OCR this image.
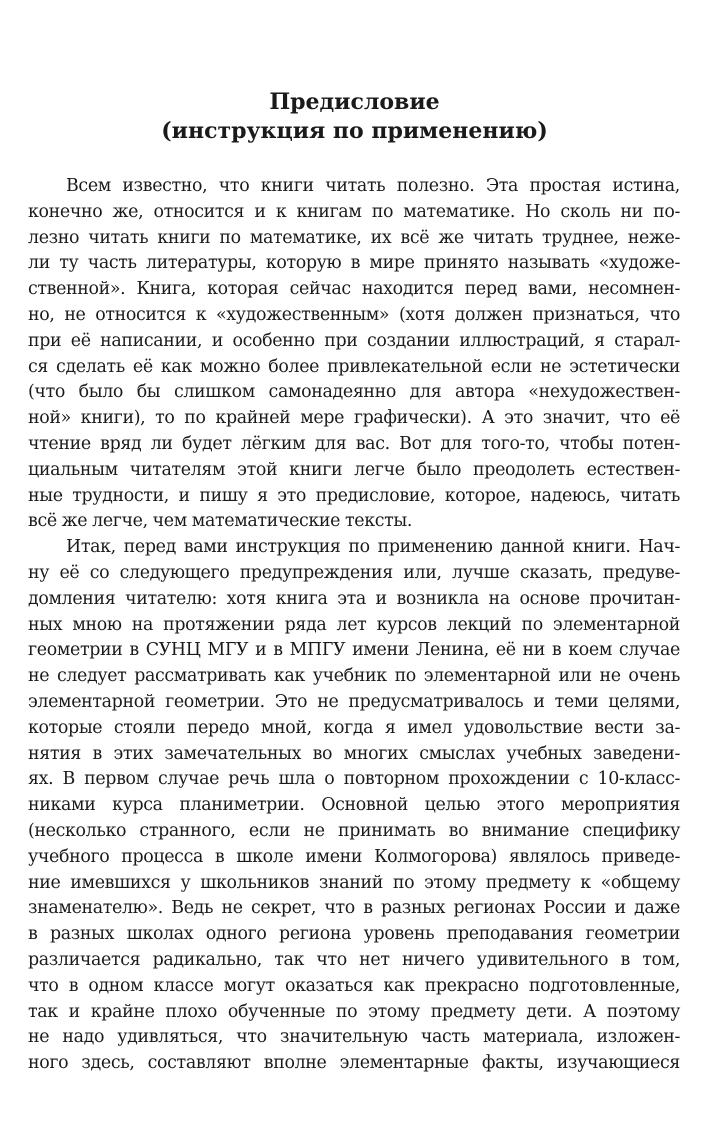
Предисловие
(инструкция по применению)
Всем известно, что книги читать полезно. Эта простая истина,
конечно же, относится и к книгам по математике. Но сколь ни по-
лезно читать книги по математике, их всё же читать труднее, неже-
ли ту часть литературы, которую в мире принято называть «художе-
ственной». Книга, которая сейчас находится перед вами, несомнен-
но, не относится к «художественным» (хотя должен признаться, что
при её написании, и особенно при создании иллюстраций, я старал-
ся сделать её как можно более привлекательной если не эстетически
(что было бы слишком самонадеянно для автора «нехудожествен-
ной» книги), то по крайней мере графически). А это значит, что её
чтение вряд ли будет лёгким для вас. Вот для того-то, чтобы потен-
циальным читателям этой книги легче было преодолеть естествен-
ные трудности, и пишу я это предисловие, которое, надеюсь, читать
всё же легче, чем математические тексты.
Итак, перед вами инструкция по применению данной книги. Нач-
ну её со следующего предупреждения или, лучше сказать, предуве-
домления читателю: хотя книга эта и возникла на основе прочитан-
ных мною на протяжении ряда лет курсов лекций по элементарной
геометрии в СУНЦ МГУ и в МПГУ имени Ленина, её ни в коем случае
не следует рассматривать как учебник по элементарной или не очень
элементарной геометрии. Это не предусматривалось и теми целями,
которые стояли передо мной, когда я имел удовольствие вести за-
нятия в этих замечательных во многих смыслах учебных заведени-
ях. В первом случае речь шла о повторном прохождении с 10-класс-
никами курса планиметрии. Основной целью этого мероприятия
(несколько странного, если не принимать во внимание специфику
учебного процесса в школе имени Колмогорова) являлось приведе-
ние имевшихся у школьников знаний по этому предмету к «общему
знаменателю». Ведь не секрет, что в разных регионах России и даже
в разных школах одного региона уровень преподавания геометрии
различается радикально, так что нет ничего удивительного в том,
что в одном классе могут оказаться как прекрасно подготовленные,
так и крайне плохо обученные по этому предмету дети. А поэтому
не надо удивляться, что значительную часть материала, изложен-
ного здесь, составляют вполне элементарные факты, изучающиеся
